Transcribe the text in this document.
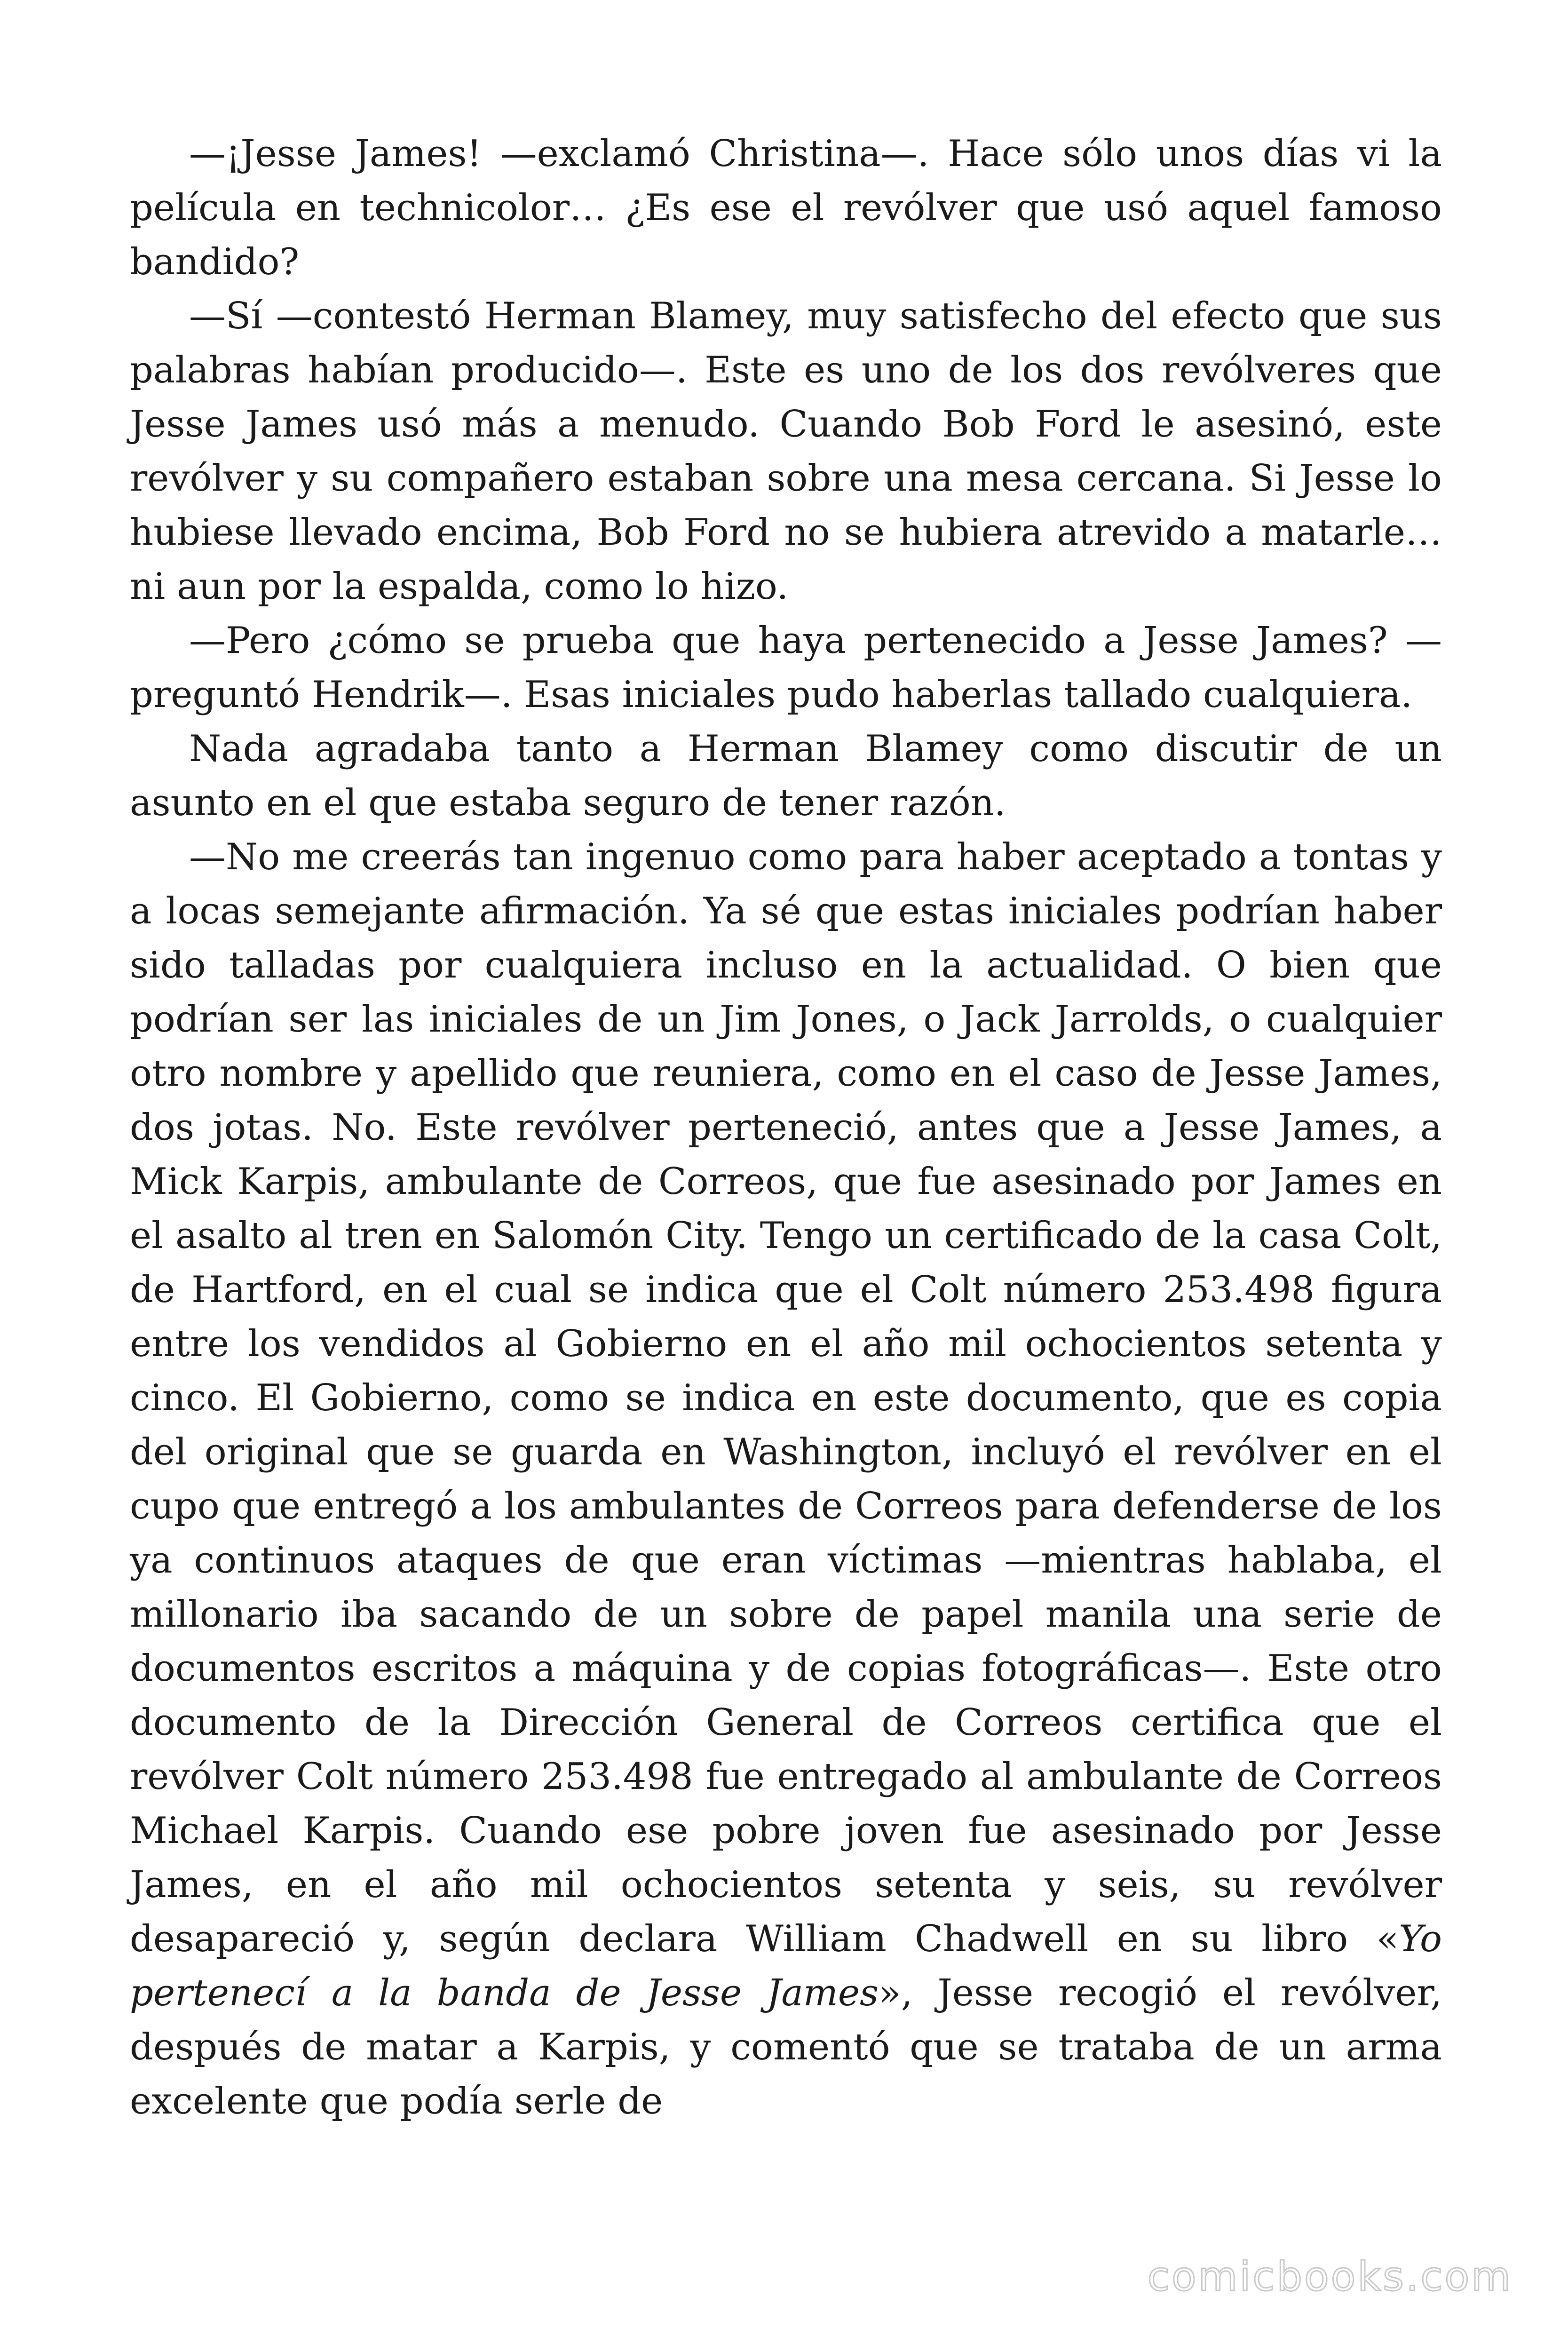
—¡Jesse James! —exclamó Christina—. Hace sólo unos días vi la película en technicolor… ¿Es ese el revólver que usó aquel famoso bandido?

—Sí —contestó Herman Blamey, muy satisfecho del efecto que sus palabras habían producido—. Este es uno de los dos revólveres que Jesse James usó más a menudo. Cuando Bob Ford le asesinó, este revólver y su compañero estaban sobre una mesa cercana. Si Jesse lo hubiese llevado encima, Bob Ford no se hubiera atrevido a matarle… ni aun por la espalda, como lo hizo.

—Pero ¿cómo se prueba que haya pertenecido a Jesse James? —preguntó Hendrik—. Esas iniciales pudo haberlas tallado cualquiera.

Nada agradaba tanto a Herman Blamey como discutir de un asunto en el que estaba seguro de tener razón.

—No me creerás tan ingenuo como para haber aceptado a tontas y a locas semejante afirmación. Ya sé que estas iniciales podrían haber sido talladas por cualquiera incluso en la actualidad. O bien que podrían ser las iniciales de un Jim Jones, o Jack Jarrolds, o cualquier otro nombre y apellido que reuniera, como en el caso de Jesse James, dos jotas. No. Este revólver perteneció, antes que a Jesse James, a Mick Karpis, ambulante de Correos, que fue asesinado por James en el asalto al tren en Salomón City. Tengo un certificado de la casa Colt, de Hartford, en el cual se indica que el Colt número 253.498 figura entre los vendidos al Gobierno en el año mil ochocientos setenta y cinco. El Gobierno, como se indica en este documento, que es copia del original que se guarda en Washington, incluyó el revólver en el cupo que entregó a los ambulantes de Correos para defenderse de los ya continuos ataques de que eran víctimas —mientras hablaba, el millonario iba sacando de un sobre de papel manila una serie de documentos escritos a máquina y de copias fotográficas—. Este otro documento de la Dirección General de Correos certifica que el revólver Colt número 253.498 fue entregado al ambulante de Correos Michael Karpis. Cuando ese pobre joven fue asesinado por Jesse James, en el año mil ochocientos setenta y seis, su revólver desapareció y, según declara William Chadwell en su libro «Yo pertenecí a la banda de Jesse James», Jesse recogió el revólver, después de matar a Karpis, y comentó que se trataba de un arma excelente que podía serle de

comicbooks.com
